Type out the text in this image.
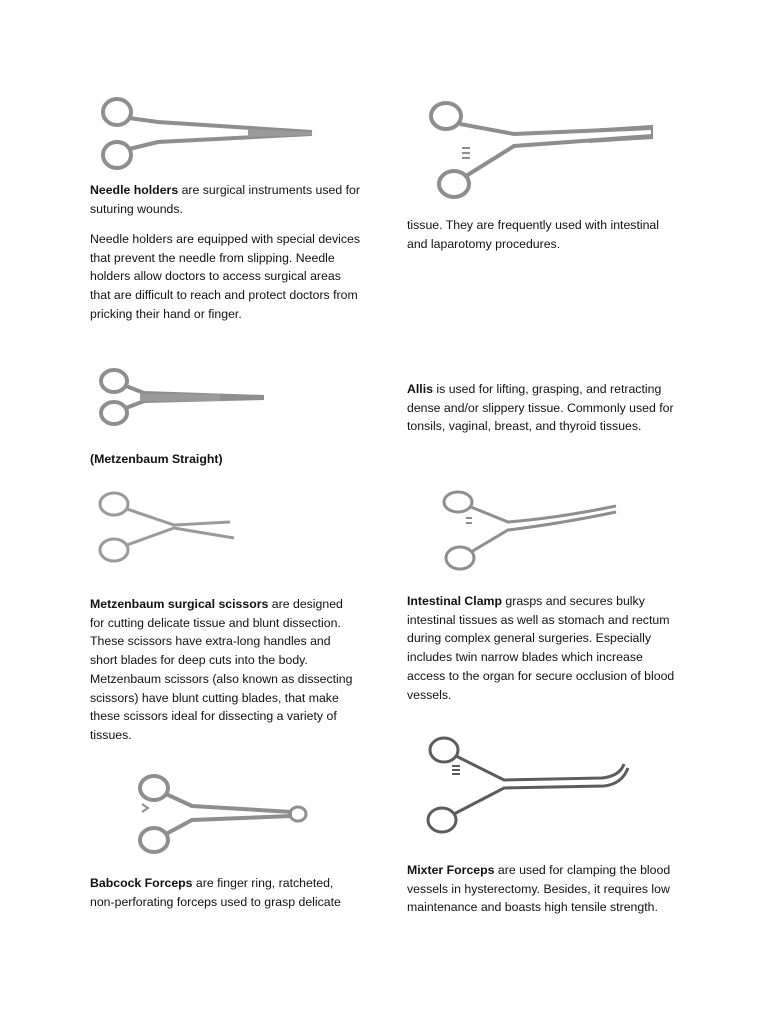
Needle holders are surgical instruments used for suturing wounds.

Needle holders are equipped with special devices that prevent the needle from slipping. Needle holders allow doctors to access surgical areas that are difficult to reach and protect doctors from pricking their hand or finger.

(Metzenbaum Straight)

Metzenbaum surgical scissors are designed for cutting delicate tissue and blunt dissection. These scissors have extra-long handles and short blades for deep cuts into the body. Metzenbaum scissors (also known as dissecting scissors) have blunt cutting blades, that make these scissors ideal for dissecting a variety of tissues.

Babcock Forceps are finger ring, ratcheted, non-perforating forceps used to grasp delicate

tissue. They are frequently used with intestinal and laparotomy procedures.

Allis is used for lifting, grasping, and retracting dense and/or slippery tissue. Commonly used for tonsils, vaginal, breast, and thyroid tissues.

Intestinal Clamp grasps and secures bulky intestinal tissues as well as stomach and rectum during complex general surgeries. Especially includes twin narrow blades which increase access to the organ for secure occlusion of blood vessels.

Mixter Forceps are used for clamping the blood vessels in hysterectomy. Besides, it requires low maintenance and boasts high tensile strength.
